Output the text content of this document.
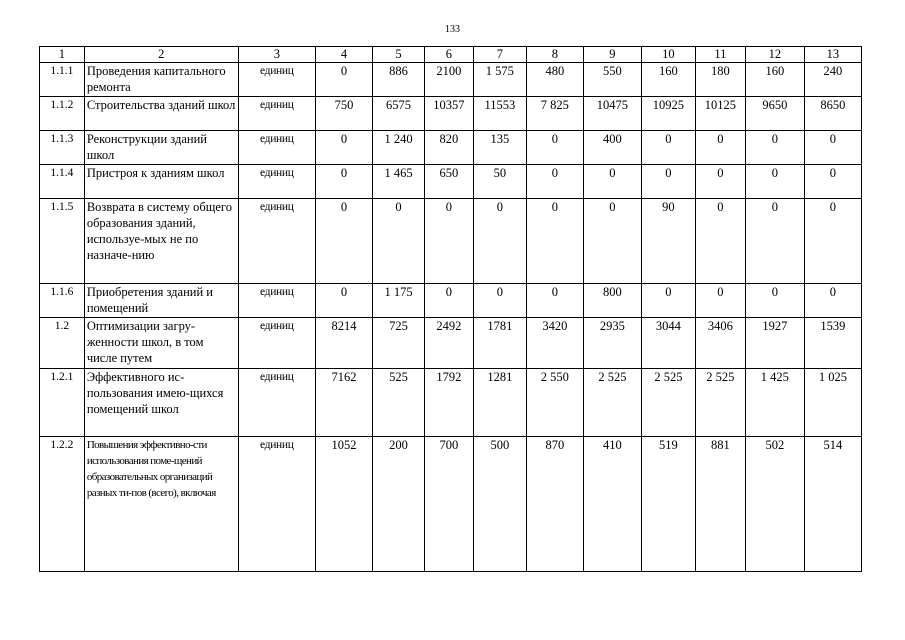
133
1	2	3	4	5	6	7	8	9	10	11	12	13
1.1.1	Проведения капитального ремонта	единиц	0	886	2100	1 575	480	550	160	180	160	240
1.1.2	Строительства зданий школ	единиц	750	6575	10357	11553	7 825	10475	10925	10125	9650	8650
1.1.3	Реконструкции зданий школ	единиц	0	1 240	820	135	0	400	0	0	0	0
1.1.4	Пристроя к зданиям школ	единиц	0	1 465	650	50	0	0	0	0	0	0
1.1.5	Возврата в систему общего образования зданий, используе-мых не по назначе-нию	единиц	0	0	0	0	0	0	90	0	0	0
1.1.6	Приобретения зданий и помещений	единиц	0	1 175	0	0	0	800	0	0	0	0
1.2	Оптимизации загру-женности школ, в том числе путем	единиц	8214	725	2492	1781	3420	2935	3044	3406	1927	1539
1.2.1	Эффективного ис-пользования имею-щихся помещений школ	единиц	7162	525	1792	1281	2 550	2 525	2 525	2 525	1 425	1 025
1.2.2	Повышения эффективно-сти использования поме-щений образовательных организаций разных ти-пов (всего), включая	единиц	1052	200	700	500	870	410	519	881	502	514
